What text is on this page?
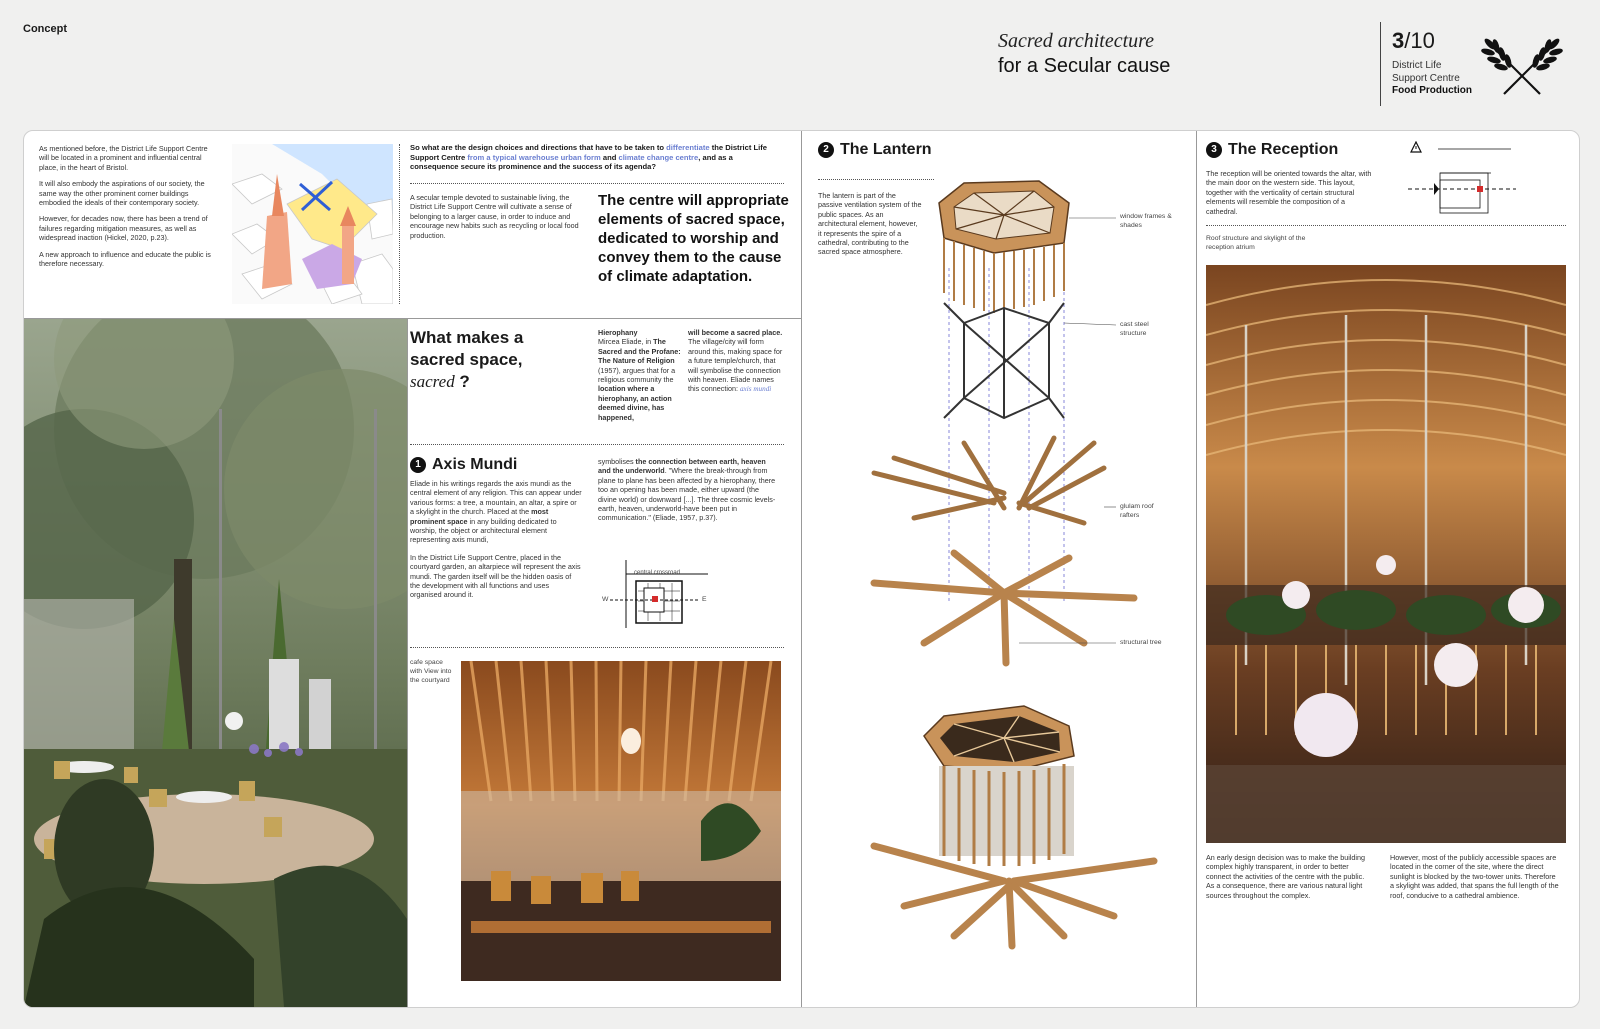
Concept
Sacred architecture
for a Secular cause
3/10
District Life
Support Centre
Food Production

As mentioned before, the District Life Support Centre will be located in a prominent and influential central place, in the heart of Bristol.

It will also embody the aspirations of our society, the same way the other prominent corner buildings embodied the ideals of their contemporary society.

However, for decades now, there has been a trend of failures regarding mitigation measures, as well as widespread inaction (Hickel, 2020, p.23).

A new approach to influence and educate the public is therefore necessary.

So what are the design choices and directions that have to be taken to differentiate the District Life Support Centre from a typical warehouse urban form and climate change centre, and as a consequence secure its prominence and the success of its agenda?
A secular temple devoted to sustainable living, the District Life Support Centre will cultivate a sense of belonging to a larger cause, in order to induce and encourage new habits such as recycling or local food production.
The centre will appropriate elements of sacred space, dedicated to worship and convey them to the cause of climate adaptation.
What makes a
sacred space,
sacred ?
Hierophany
Mircea Eliade, in The Sacred and the Profane: The Nature of Religion (1957), argues that for a religious community the location where a hierophany, an action deemed divine, has happened,
will become a sacred place. The village/city will form around this, making space for a future temple/church, that will symbolise the connection with heaven. Eliade names this connection: axis mundi
1 Axis Mundi

Eliade in his writings regards the axis mundi as the central element of any religion. This can appear under various forms: a tree, a mountain, an altar, a spire or a skylight in the church. Placed at the most prominent space in any building dedicated to worship, the object or architectural element representing axis mundi,

In the District Life Support Centre, placed in the courtyard garden, an altarpiece will represent the axis mundi. The garden itself will be the hidden oasis of the development with all functions and uses organised around it.

symbolises the connection between earth, heaven and the underworld. "Where the break-through from plane to plane has been affected by a hierophany, there too an opening has been made, either upward (the divine world) or downward [...]. The three cosmic levels-earth, heaven, underworld-have been put in communication." (Eliade, 1957, p.37).
central crossroad
W	E
cafe space with View into the courtyard
2 The Lantern
The lantern is part of the passive ventilation system of the public spaces. As an architectural element, however, it represents the spire of a cathedral, contributing to the sacred space atmosphere.
window frames & shades
cast steel structure
glulam roof rafters
structural tree
3 The Reception
The reception will be oriented towards the altar, with the main door on the western side. This layout, together with the verticality of certain structural elements will resemble the composition of a cathedral.
Roof structure and skylight of the reception atrium
An early design decision was to make the building complex highly transparent, in order to better connect the activities of the centre with the public. As a consequence, there are various natural light sources throughout the complex.
However, most of the publicly accessible spaces are located in the corner of the site, where the direct sunlight is blocked by the two-tower units. Therefore a skylight was added, that spans the full length of the roof, conducive to a cathedral ambience.
